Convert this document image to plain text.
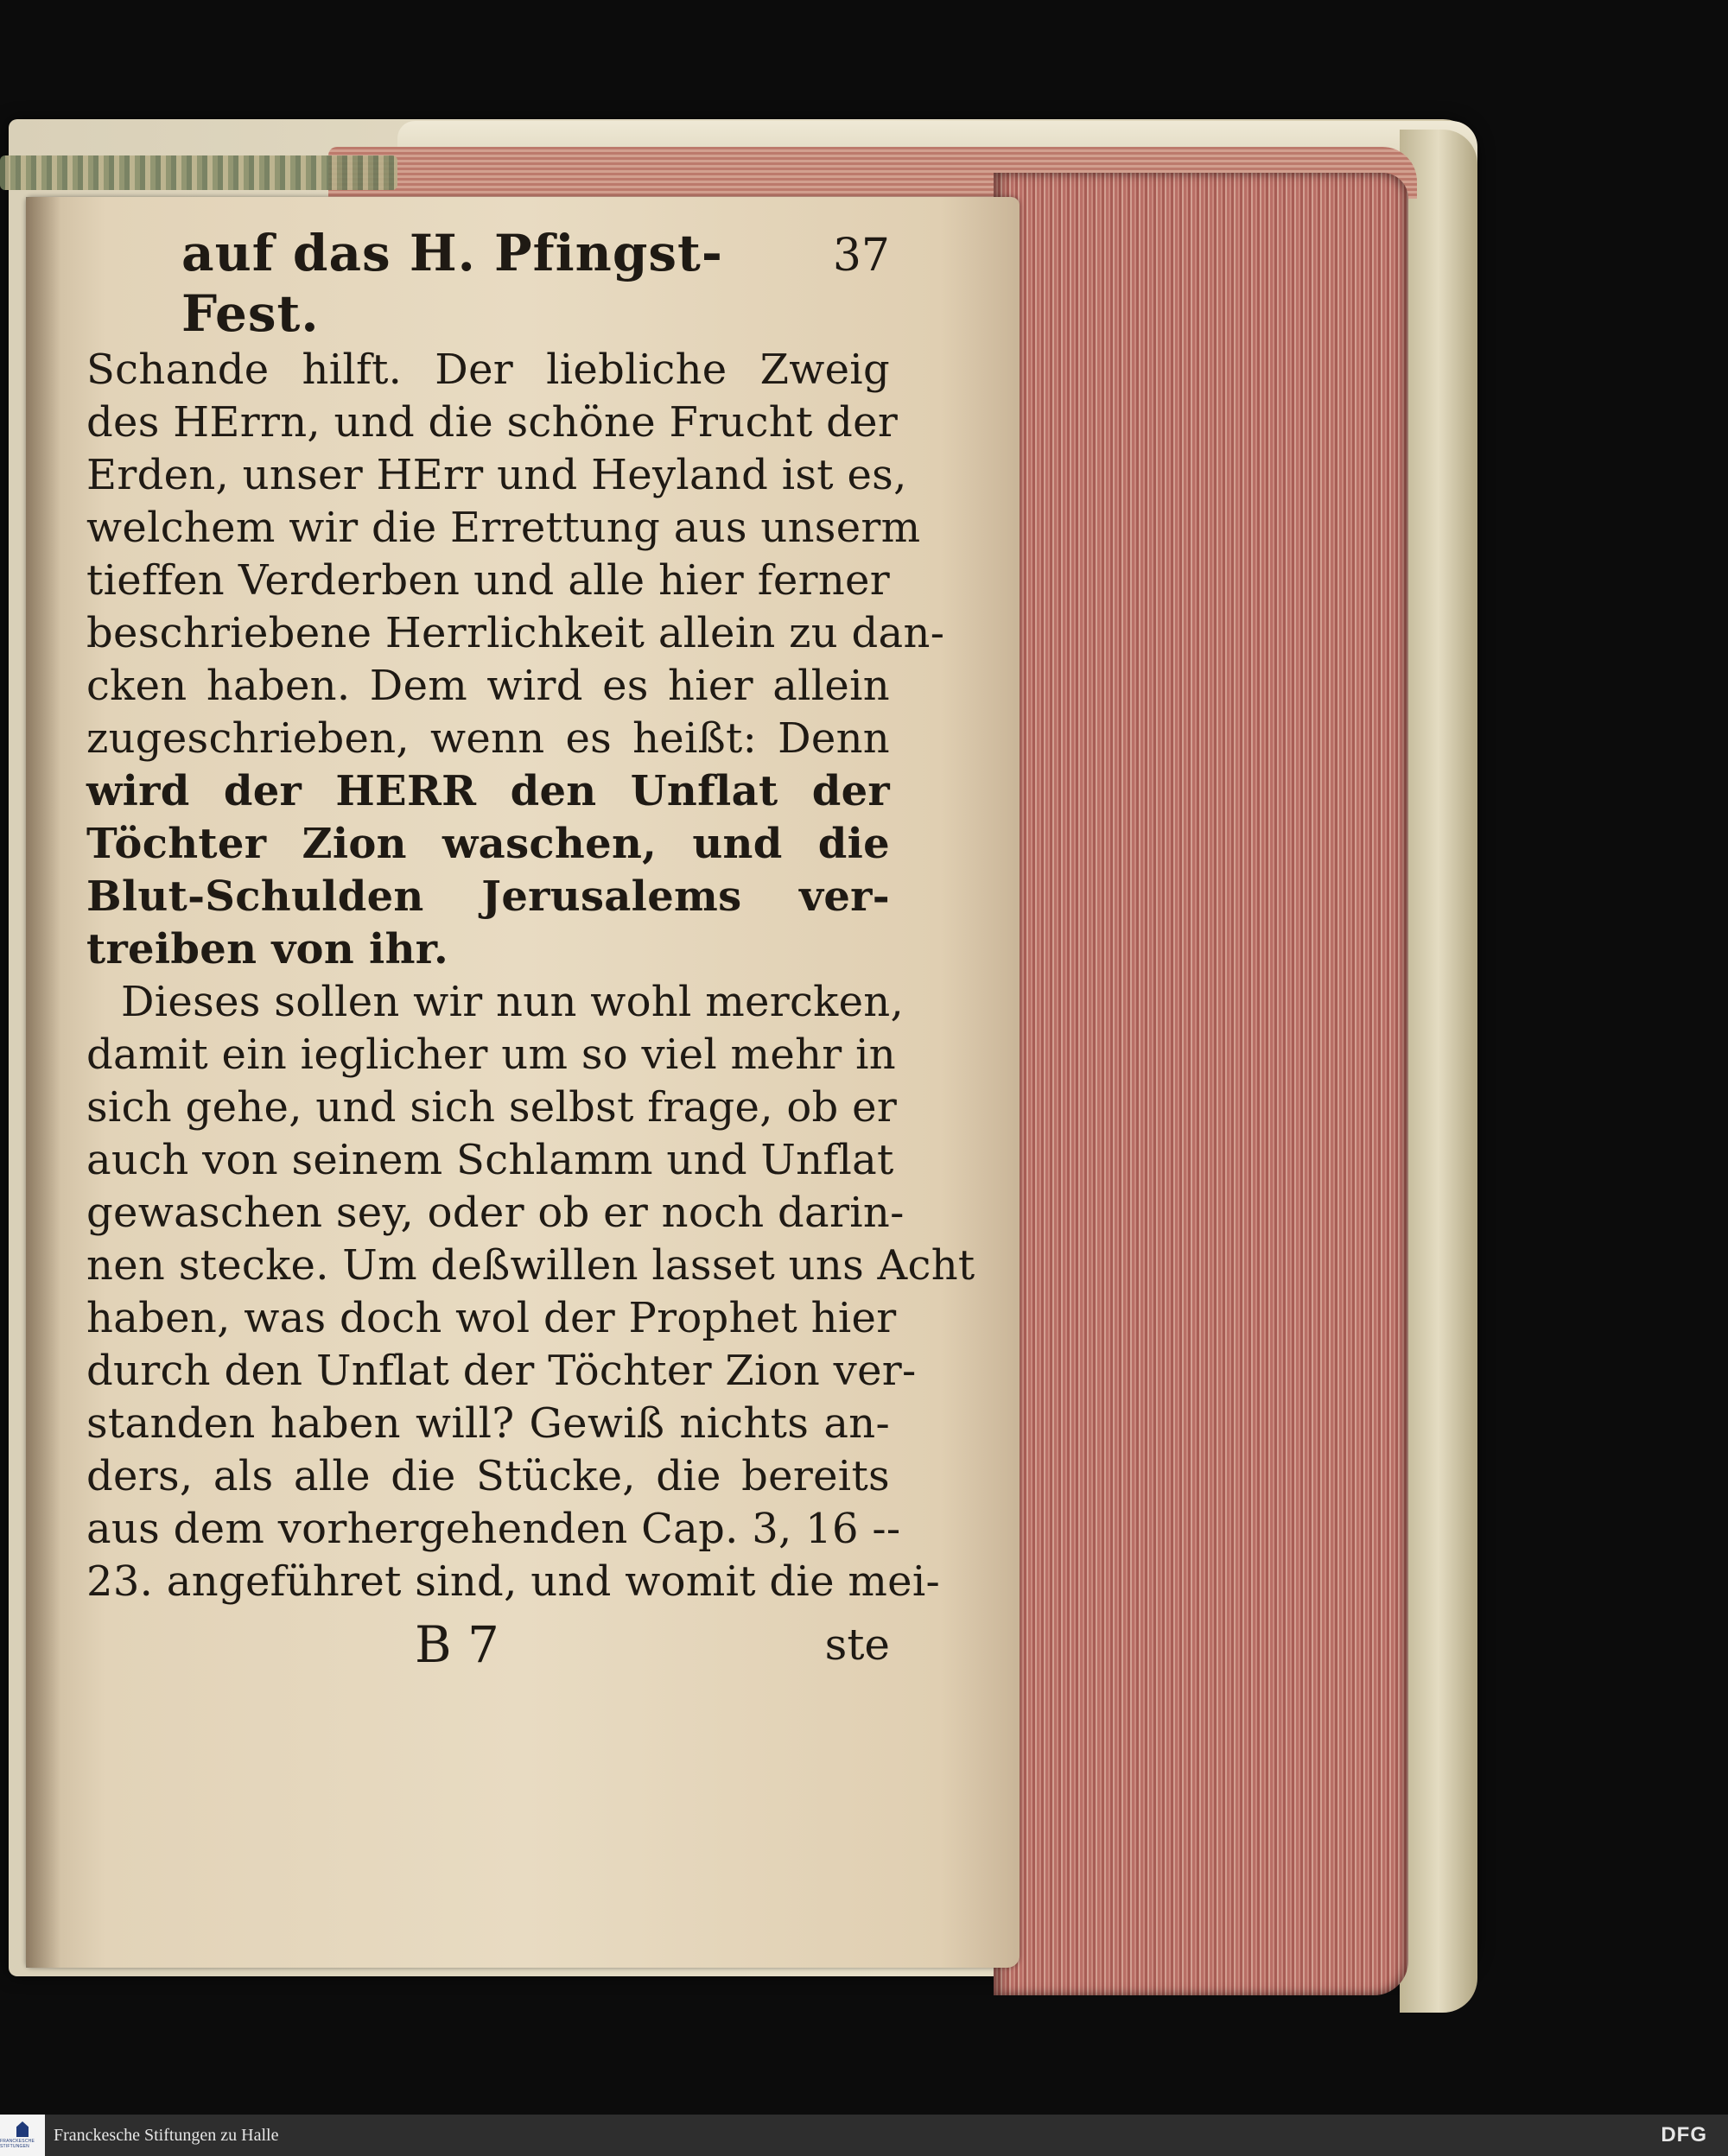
auf das H. Pfingst-Fest.
37
Schande hilft. Der liebliche Zweig
des HErrn, und die schöne Frucht der
Erden, unser HErr und Heyland ist es,
welchem wir die Errettung aus unserm
tieffen Verderben und alle hier ferner
beschriebene Herrlichkeit allein zu dan-
cken haben. Dem wird es hier allein
zugeschrieben, wenn es heißt: Denn
wird der HERR den Unflat der
Töchter Zion waschen, und die
Blut-Schulden Jerusalems ver-
treiben von ihr.
Dieses sollen wir nun wohl mercken,
damit ein ieglicher um so viel mehr in
sich gehe, und sich selbst frage, ob er
auch von seinem Schlamm und Unflat
gewaschen sey, oder ob er noch darin-
nen stecke. Um deßwillen lasset uns Acht
haben, was doch wol der Prophet hier
durch den Unflat der Töchter Zion ver-
standen haben will? Gewiß nichts an-
ders, als alle die Stücke, die bereits
aus dem vorhergehenden Cap. 3, 16 --
23. angeführet sind, und womit die mei-
B 7	ste
FRANCKESCHE STIFTUNGEN
Franckesche Stiftungen zu Halle	DFG
